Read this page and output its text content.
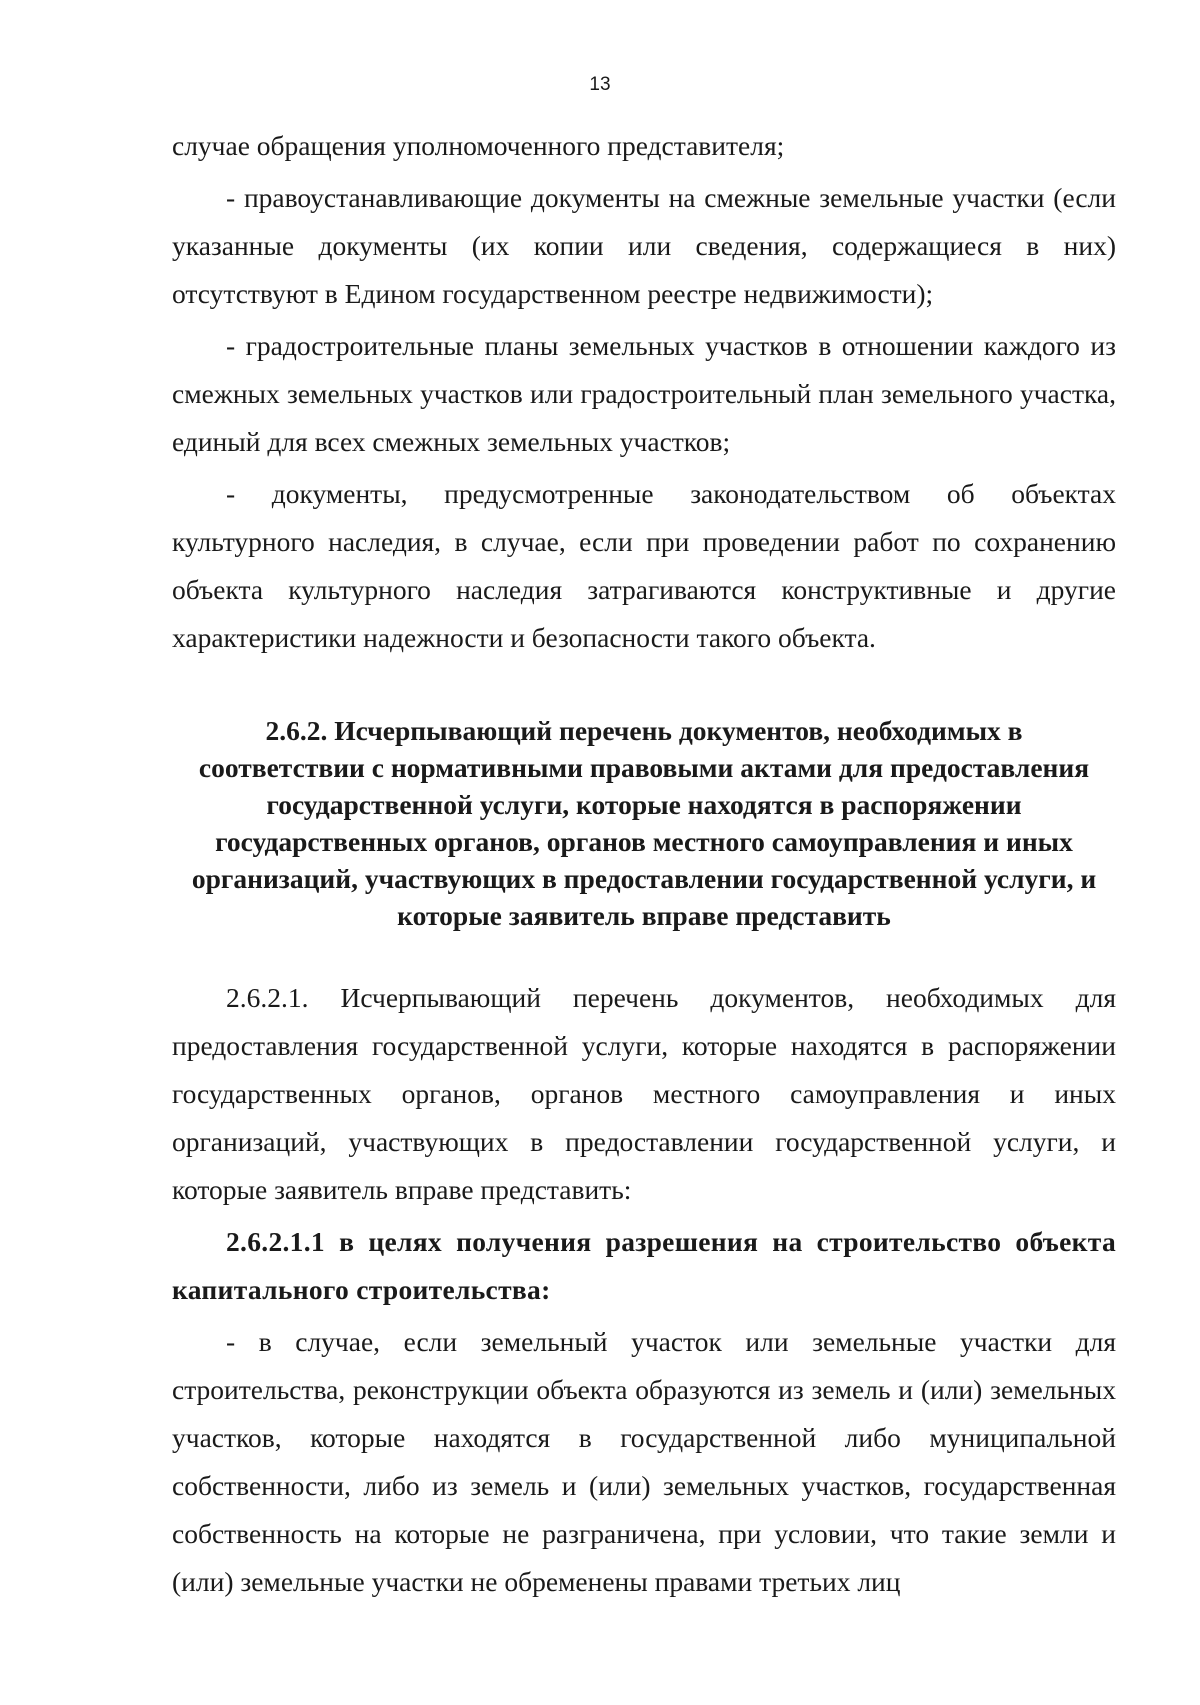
13

случае обращения уполномоченного представителя;

- правоустанавливающие документы на смежные земельные участки (если указанные документы (их копии или сведения, содержащиеся в них) отсутствуют в Едином государственном реестре недвижимости);

- градостроительные планы земельных участков в отношении каждого из смежных земельных участков или градостроительный план земельного участка, единый для всех смежных земельных участков;

- документы, предусмотренные законодательством об объектах культурного наследия, в случае, если при проведении работ по сохранению объекта культурного наследия затрагиваются конструктивные и другие характеристики надежности и безопасности такого объекта.

2.6.2. Исчерпывающий перечень документов, необходимых в соответствии с нормативными правовыми актами для предоставления государственной услуги, которые находятся в распоряжении государственных органов, органов местного самоуправления и иных организаций, участвующих в предоставлении государственной услуги, и которые заявитель вправе представить

2.6.2.1. Исчерпывающий перечень документов, необходимых для предоставления государственной услуги, которые находятся в распоряжении государственных органов, органов местного самоуправления и иных организаций, участвующих в предоставлении государственной услуги, и которые заявитель вправе представить:

2.6.2.1.1 в целях получения разрешения на строительство объекта капитального строительства:

- в случае, если земельный участок или земельные участки для строительства, реконструкции объекта образуются из земель и (или) земельных участков, которые находятся в государственной либо муниципальной собственности, либо из земель и (или) земельных участков, государственная собственность на которые не разграничена, при условии, что такие земли и (или) земельные участки не обременены правами третьих лиц
